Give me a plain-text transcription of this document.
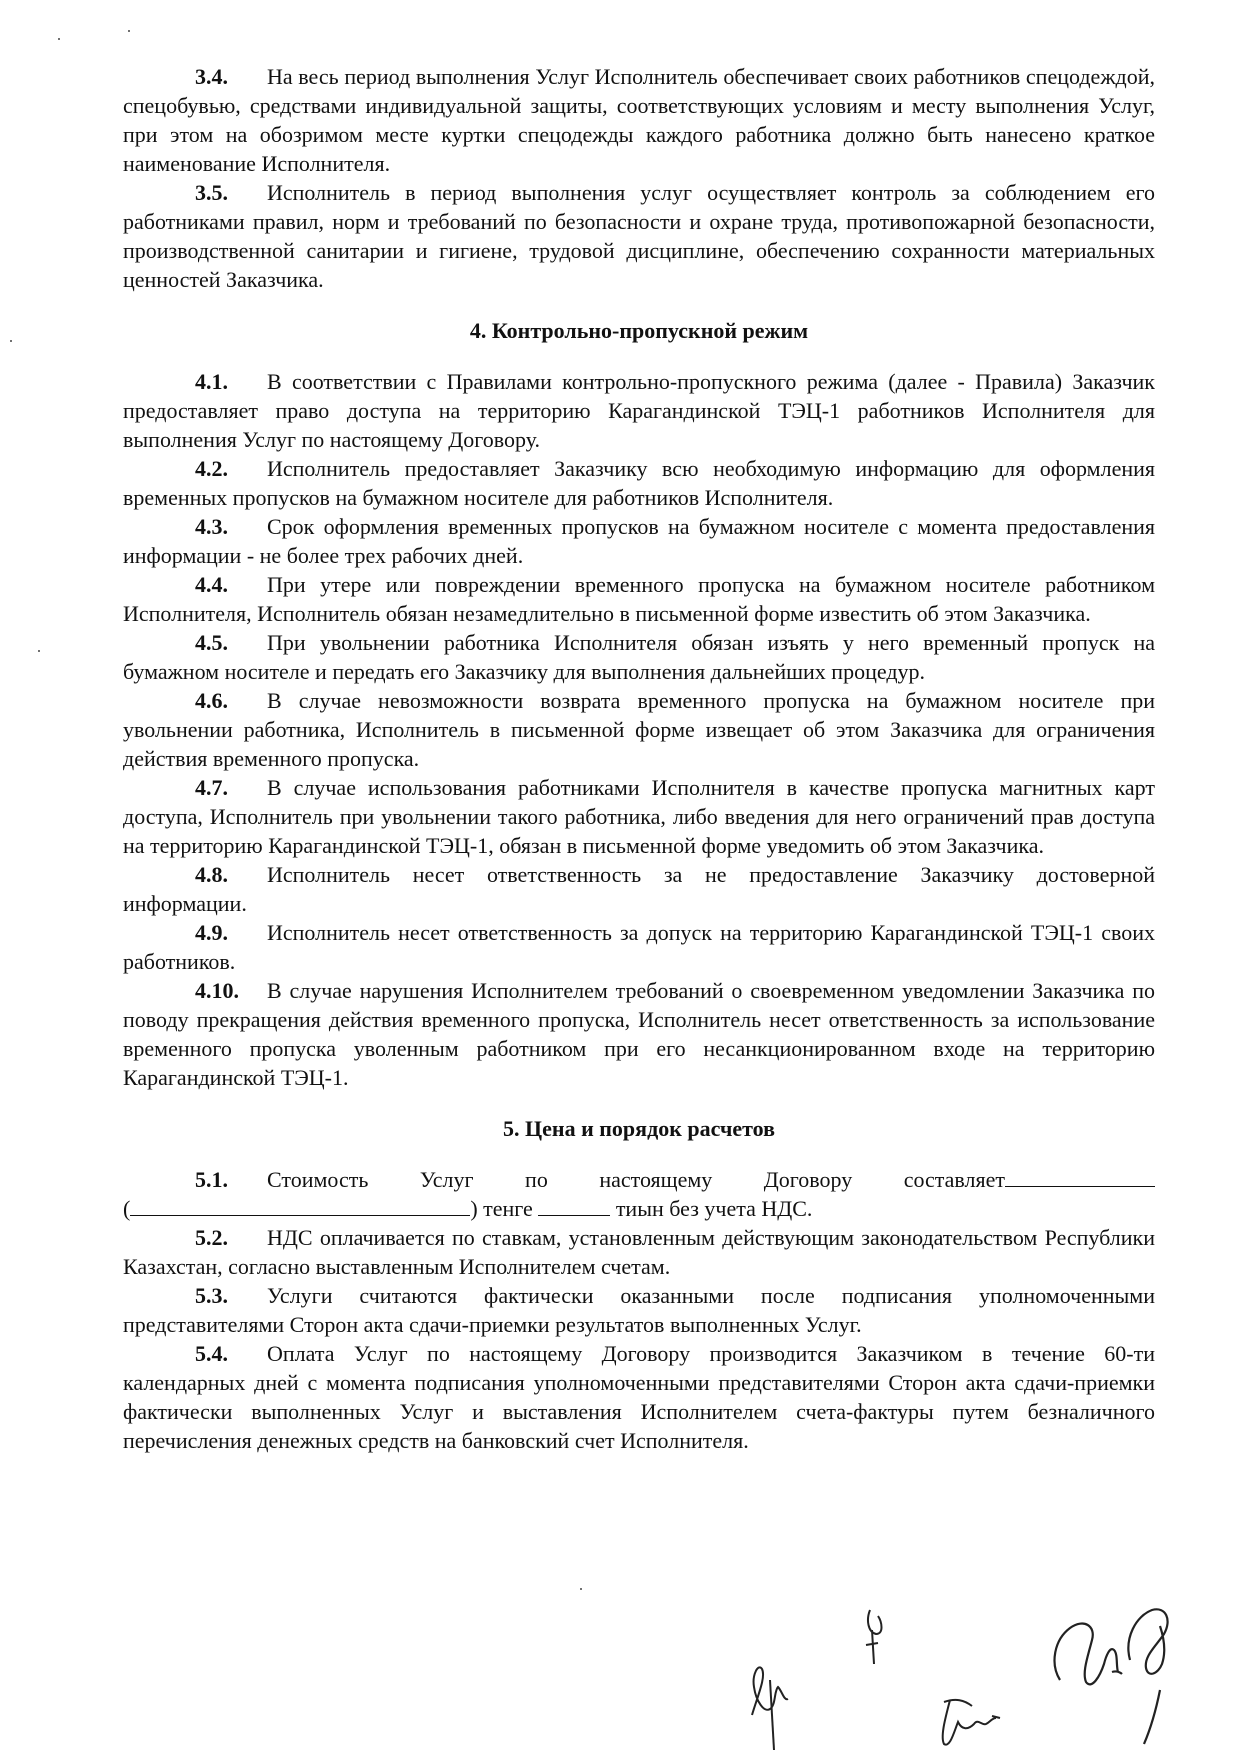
3.4. На весь период выполнения Услуг Исполнитель обеспечивает своих работников спецодеждой, спецобувью, средствами индивидуальной защиты, соответствующих условиям и месту выполнения Услуг, при этом на обозримом месте куртки спецодежды каждого работника должно быть нанесено краткое наименование Исполнителя.

3.5. Исполнитель в период выполнения услуг осуществляет контроль за соблюдением его работниками правил, норм и требований по безопасности и охране труда, противопожарной безопасности, производственной санитарии и гигиене, трудовой дисциплине, обеспечению сохранности материальных ценностей Заказчика.

4. Контрольно-пропускной режим

4.1. В соответствии с Правилами контрольно-пропускного режима (далее - Правила) Заказчик предоставляет право доступа на территорию Карагандинской ТЭЦ-1 работников Исполнителя для выполнения Услуг по настоящему Договору.

4.2. Исполнитель предоставляет Заказчику всю необходимую информацию для оформления временных пропусков на бумажном носителе для работников Исполнителя.

4.3. Срок оформления временных пропусков на бумажном носителе с момента предоставления информации - не более трех рабочих дней.

4.4. При утере или повреждении временного пропуска на бумажном носителе работником Исполнителя, Исполнитель обязан незамедлительно в письменной форме известить об этом Заказчика.

4.5. При увольнении работника Исполнителя обязан изъять у него временный пропуск на бумажном носителе и передать его Заказчику для выполнения дальнейших процедур.

4.6. В случае невозможности возврата временного пропуска на бумажном носителе при увольнении работника, Исполнитель в письменной форме извещает об этом Заказчика для ограничения действия временного пропуска.

4.7. В случае использования работниками Исполнителя в качестве пропуска магнитных карт доступа, Исполнитель при увольнении такого работника, либо введения для него ограничений прав доступа на территорию Карагандинской ТЭЦ-1, обязан в письменной форме уведомить об этом Заказчика.

4.8. Исполнитель несет ответственность за не предоставление Заказчику достоверной информации.

4.9. Исполнитель несет ответственность за допуск на территорию Карагандинской ТЭЦ-1 своих работников.

4.10. В случае нарушения Исполнителем требований о своевременном уведомлении Заказчика по поводу прекращения действия временного пропуска, Исполнитель несет ответственность за использование временного пропуска уволенным работником при его несанкционированном входе на территорию Карагандинской ТЭЦ-1.

5. Цена и порядок расчетов

5.1. Стоимость Услуг по настоящему Договору составляет

(	) тенге	тиын без учета НДС.

5.2. НДС оплачивается по ставкам, установленным действующим законодательством Республики Казахстан, согласно выставленным Исполнителем счетам.

5.3. Услуги считаются фактически оказанными после подписания уполномоченными представителями Сторон акта сдачи-приемки результатов выполненных Услуг.

5.4. Оплата Услуг по настоящему Договору производится Заказчиком в течение 60-ти календарных дней с момента подписания уполномоченными представителями Сторон акта сдачи-приемки фактически выполненных Услуг и выставления Исполнителем счета-фактуры путем безналичного перечисления денежных средств на банковский счет Исполнителя.
